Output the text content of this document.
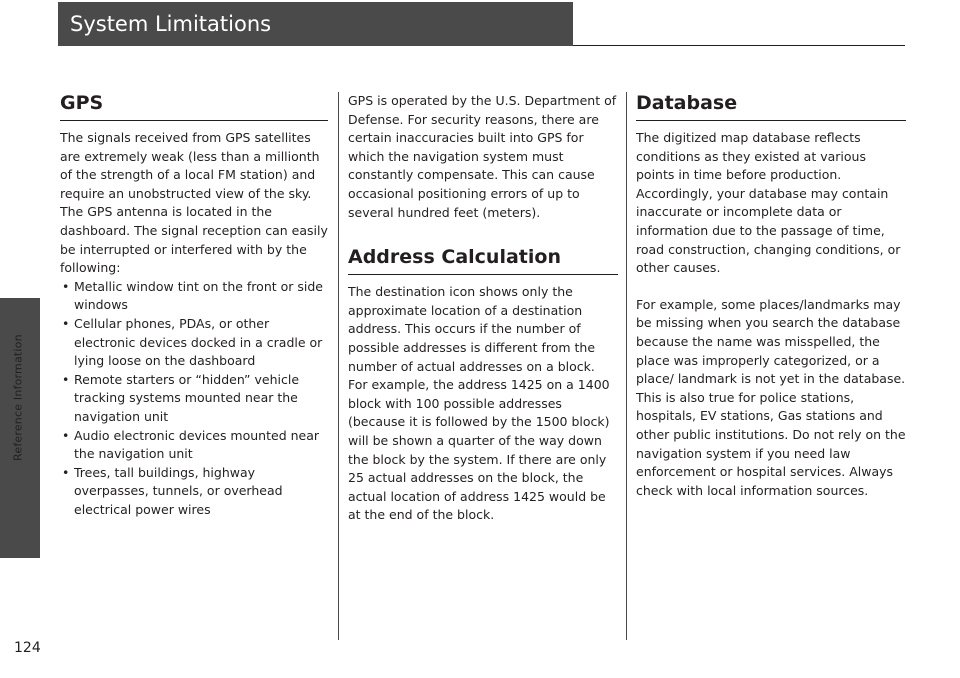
Reference Information
System Limitations
GPS

The signals received from GPS satellites are extremely weak (less than a millionth of the strength of a local FM station) and require an unobstructed view of the sky. The GPS antenna is located in the dashboard. The signal reception can easily be interrupted or interfered with by the following:

• Metallic window tint on the front or side windows
• Cellular phones, PDAs, or other electronic devices docked in a cradle or lying loose on the dashboard
• Remote starters or “hidden” vehicle tracking systems mounted near the navigation unit
• Audio electronic devices mounted near the navigation unit
• Trees, tall buildings, highway overpasses, tunnels, or overhead electrical power wires

GPS is operated by the U.S. Department of Defense. For security reasons, there are certain inaccuracies built into GPS for which the navigation system must constantly compensate. This can cause occasional positioning errors of up to several hundred feet (meters).

Address Calculation

The destination icon shows only the approximate location of a destination address. This occurs if the number of possible addresses is different from the number of actual addresses on a block. For example, the address 1425 on a 1400 block with 100 possible addresses (because it is followed by the 1500 block) will be shown a quarter of the way down the block by the system. If there are only 25 actual addresses on the block, the actual location of address 1425 would be at the end of the block.

Database

The digitized map database reflects conditions as they existed at various points in time before production. Accordingly, your database may contain inaccurate or incomplete data or information due to the passage of time, road construction, changing conditions, or other causes.

For example, some places/landmarks may be missing when you search the database because the name was misspelled, the place was improperly categorized, or a place/ landmark is not yet in the database. This is also true for police stations, hospitals, EV stations, Gas stations and other public institutions. Do not rely on the navigation system if you need law enforcement or hospital services. Always check with local information sources.

124
